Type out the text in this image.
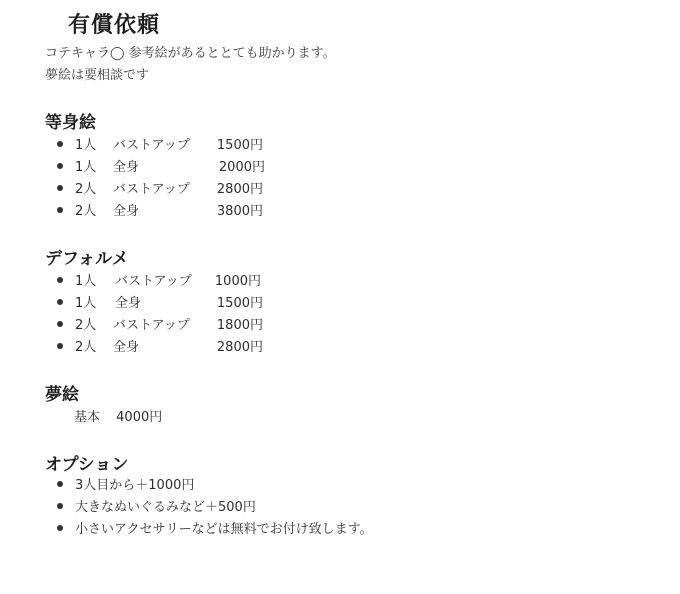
有償依頼
コテキャラ◯ 参考絵があるととても助かります。
夢絵は要相談です
等身絵
1人 バストアップ	1500円
1人 全身	2000円
2人 バストアップ	2800円
2人 全身	3800円
デフォルメ
1人 バストアップ	1000円
1人 全身	1500円
2人 バストアップ	1800円
2人 全身	2800円
夢絵
基本 4000円
オプション
3人目から＋1000円
大きなぬいぐるみなど＋500円
小さいアクセサリーなどは無料でお付け致します。
